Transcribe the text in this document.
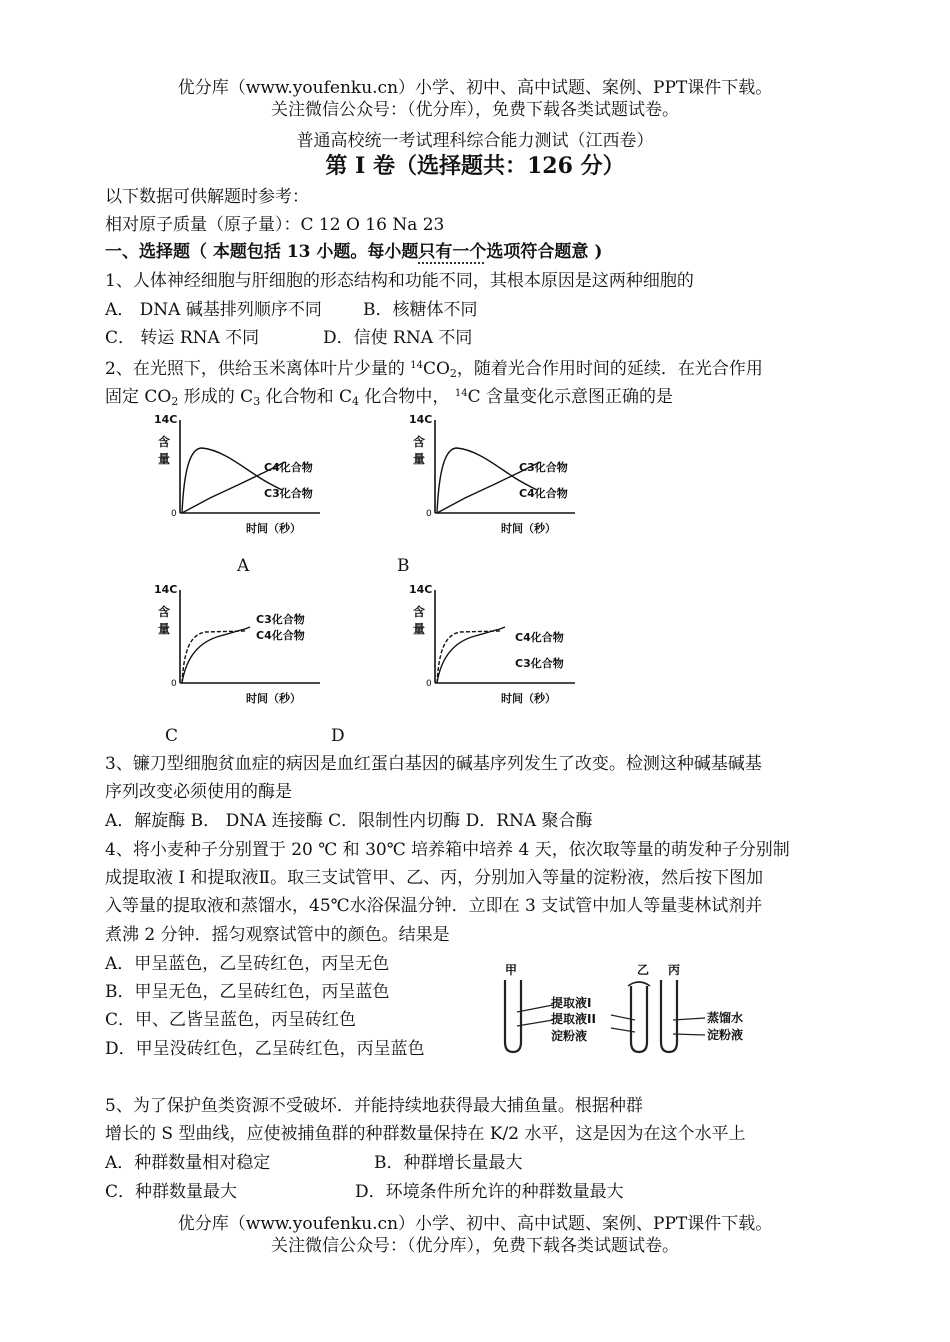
优分库（www.youfenku.cn）小学、初中、高中试题、案例、PPT课件下载。
关注微信公众号：（优分库），免费下载各类试题试卷。
普通高校统一考试理科综合能力测试（江西卷）
第 I 卷（选择题共：126 分）
以下数据可供解题时参考：
相对原子质量（原子量）：C 12 O 16 Na 23
一、选择题（ 本题包括 13 小题。每小题只有一个选项符合题意 )
1、人体神经细胞与肝细胞的形态结构和功能不同，其根本原因是这两种细胞的
A． DNA 碱基排列顺序不同 B．核糖体不同
C． 转运 RNA 不同	D．信使 RNA 不同
2、在光照下，供给玉米离体叶片少量的 $^{14}CO_2$，随着光合作用时间的延续．在光合作用
固定 $CO_2$ 形成的 $C_3$ 化合物和 $C_4$ 化合物中， $^{14}$C 含量变化示意图正确的是
14C
含
量
0
C4化合物
C3化合物
时间（秒）
A
14C
含
量
0
C3化合物
C4化合物
时间（秒）
B
14C
含
量
0
C3化合物
C4化合物
时间（秒）
C
14C
含
量
0
C4化合物
C3化合物
时间（秒）
D
3、镰刀型细胞贫血症的病因是血红蛋白基因的碱基序列发生了改变。检测这种碱基碱基
序列改变必须使用的酶是
A．解旋酶 B． DNA 连接酶 C．限制性内切酶 D．RNA 聚合酶
4、将小麦种子分别置于 20 ℃ 和 30℃ 培养箱中培养 4 天，依次取等量的萌发种子分别制
成提取液 I 和提取液Ⅱ。取三支试管甲、乙、丙，分别加入等量的淀粉液，然后按下图加
入等量的提取液和蒸馏水，45℃水浴保温分钟．立即在 3 支试管中加人等量斐林试剂并
煮沸 2 分钟．摇匀观察试管中的颜色。结果是
A．甲呈蓝色，乙呈砖红色，丙呈无色
B．甲呈无色，乙呈砖红色，丙呈蓝色
C．甲、乙皆呈蓝色，丙呈砖红色
D．甲呈没砖红色，乙呈砖红色，丙呈蓝色
甲	乙 丙
提取液I
提取液II
淀粉液
蒸馏水
淀粉液
5、为了保护鱼类资源不受破坏．并能持续地获得最大捕鱼量。根据种群
增长的 S 型曲线，应使被捕鱼群的种群数量保持在 K/2 水平，这是因为在这个水平上
A．种群数量相对稳定	B．种群增长量最大
C．种群数量最大	D．环境条件所允许的种群数量最大
优分库（www.youfenku.cn）小学、初中、高中试题、案例、PPT课件下载。
关注微信公众号：（优分库），免费下载各类试题试卷。
